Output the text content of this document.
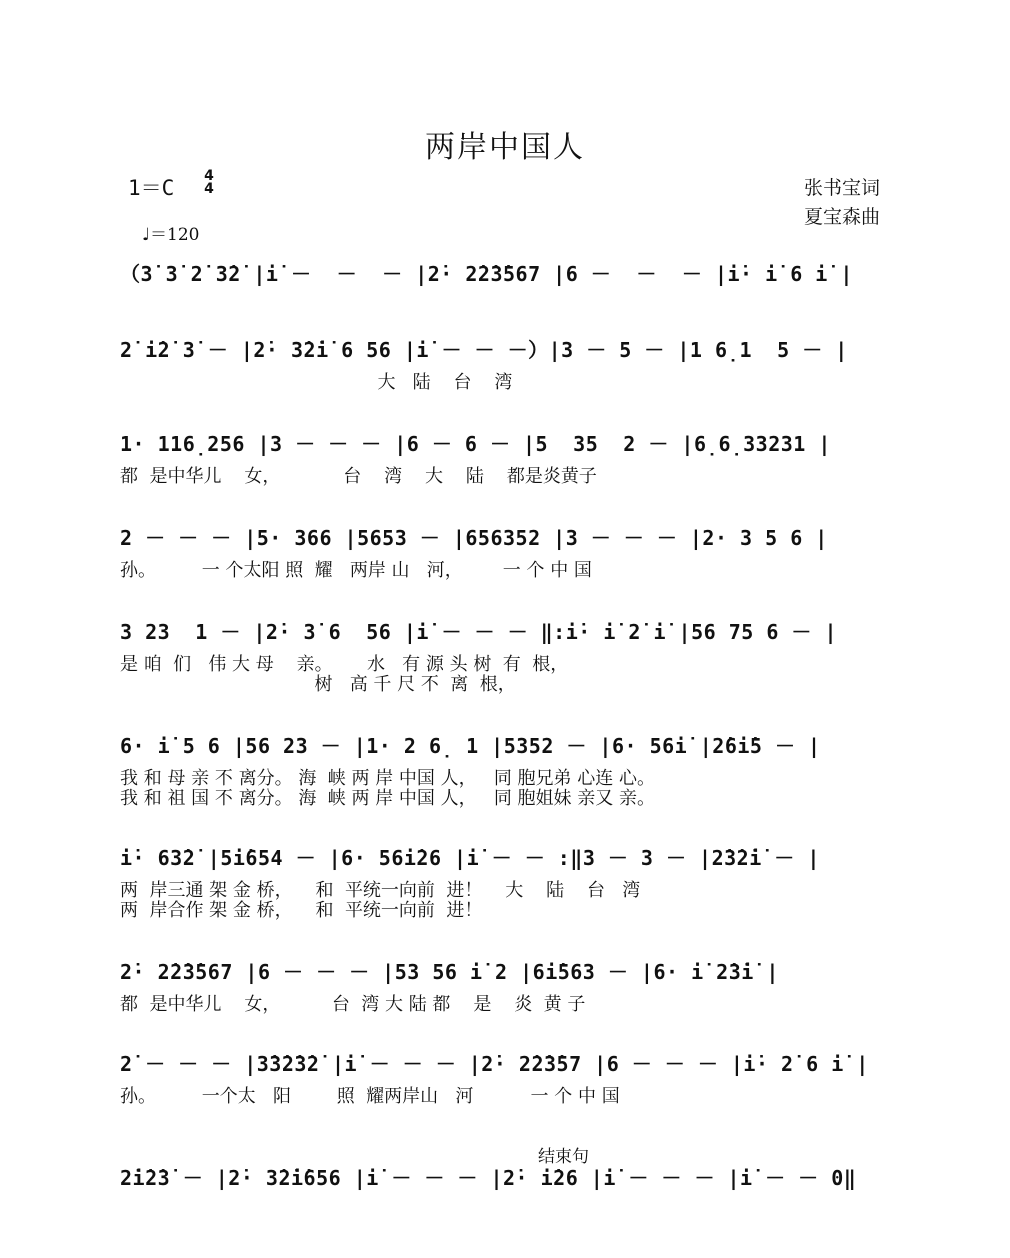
两岸中国人
1＝C 4
4
♩＝120
张书宝词
夏宝森曲
（3̇ 3̇ 2̇ 3̇2̇ |i̇ －  －  － |2̇· 2̇2̇3̇567 |6 －  －  － |i̇· i̇ 6 i̇ |
2̇ i̇2̇ 3̇ － |2̇· 3̇2̇i̇ 6 56 |i̇ － － －）|3 － 5 － |1 6̣1  5 － |
大   陆    台    湾
1· 116̣256 |3 － － － |6 － 6 － |5  35  2 － |6̣6̣33231 |
都  是中华儿    女，           台    湾    大    陆    都是炎黄子
2 － － － |5· 366 |5653 － |656352 |3 － － － |2· 3 5 6 |
孙。        一 个太阳 照  耀   两岸 山   河，       一 个 中 国
3 23  1 － |2̇· 3̇ 6  56 |i̇ － － － ‖:i̇· i̇ 2̇ i̇ |56 75 6 － |
是 咱  们   伟 大 母    亲。      水   有 源 头 树  有  根，
树   高 千 尺 不  离  根，
6· i̇ 5 6 |56 23 － |1· 2 6̣ 1 |5352 － |6· 56i̇ |2̇6i̇5 － |
我 和 母 亲 不 离分。 海  峡 两 岸 中国 人，   同 胞兄弟 心连 心。
我 和 祖 国 不 离分。 海  峡 两 岸 中国 人，   同 胞姐妹 亲又 亲。
i̇· 63̇2̇ |5i̇654 － |6· 56i̇26 |i̇ － － :‖3 － 3 － |2̇3̇2̇i̇ － |
两  岸三通 架 金 桥，    和  平统一向前  进！    大    陆    台   湾
两  岸合作 架 金 桥，    和  平统一向前  进！
2̇· 2̇2̇3̇567 |6 － － － |53 56 i̇ 2 |6i̇563 － |6· i̇ 2̇3̇i̇ |
都  是中华儿    女，         台  湾 大 陆 都    是    炎  黄 子
2̇ － － － |3̇3̇2̇3̇2̇ |i̇ － － － |2̇· 2̇2̇3̇57 |6 － － － |i̇· 2̇ 6 i̇ |
孙。        一个太   阳        照  耀两岸山   河          一 个 中 国
结束句
2̇i̇2̇3̇ － |2̇· 3̇2̇i̇656 |i̇ － － － |2̇· i̇26 |i̇ － － － |i̇ － － 0‖
